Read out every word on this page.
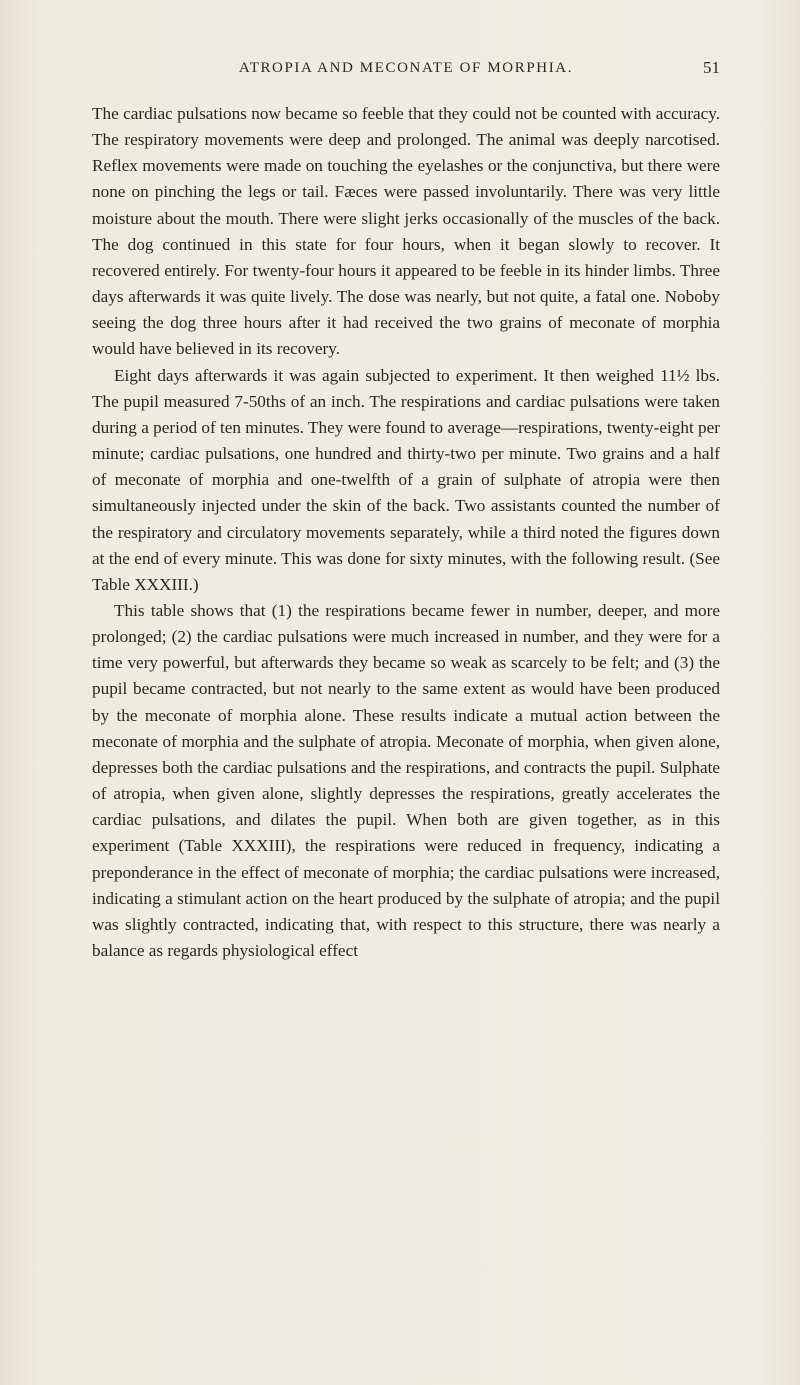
ATROPIA AND MECONATE OF MORPHIA.	51

The cardiac pulsations now became so feeble that they could not be counted with accuracy. The respiratory movements were deep and prolonged. The animal was deeply narcotised. Reflex movements were made on touching the eyelashes or the conjunctiva, but there were none on pinching the legs or tail. Fæces were passed involuntarily. There was very little moisture about the mouth. There were slight jerks occasionally of the muscles of the back. The dog continued in this state for four hours, when it began slowly to recover. It recovered entirely. For twenty-four hours it appeared to be feeble in its hinder limbs. Three days afterwards it was quite lively. The dose was nearly, but not quite, a fatal one. Noboby seeing the dog three hours after it had received the two grains of meconate of morphia would have believed in its recovery.

Eight days afterwards it was again subjected to experiment. It then weighed 11½ lbs. The pupil measured 7-50ths of an inch. The respirations and cardiac pulsations were taken during a period of ten minutes. They were found to average—respirations, twenty-eight per minute; cardiac pulsations, one hundred and thirty-two per minute. Two grains and a half of meconate of morphia and one-twelfth of a grain of sulphate of atropia were then simultaneously injected under the skin of the back. Two assistants counted the number of the respiratory and circulatory movements separately, while a third noted the figures down at the end of every minute. This was done for sixty minutes, with the following result. (See Table XXXIII.)

This table shows that (1) the respirations became fewer in number, deeper, and more prolonged; (2) the cardiac pulsations were much increased in number, and they were for a time very powerful, but afterwards they became so weak as scarcely to be felt; and (3) the pupil became contracted, but not nearly to the same extent as would have been produced by the meconate of morphia alone. These results indicate a mutual action between the meconate of morphia and the sulphate of atropia. Meconate of morphia, when given alone, depresses both the cardiac pulsations and the respirations, and contracts the pupil. Sulphate of atropia, when given alone, slightly depresses the respirations, greatly accelerates the cardiac pulsations, and dilates the pupil. When both are given together, as in this experiment (Table XXXIII), the respirations were reduced in frequency, indicating a preponderance in the effect of meconate of morphia; the cardiac pulsations were increased, indicating a stimulant action on the heart produced by the sulphate of atropia; and the pupil was slightly contracted, indicating that, with respect to this structure, there was nearly a balance as regards physiological effect
